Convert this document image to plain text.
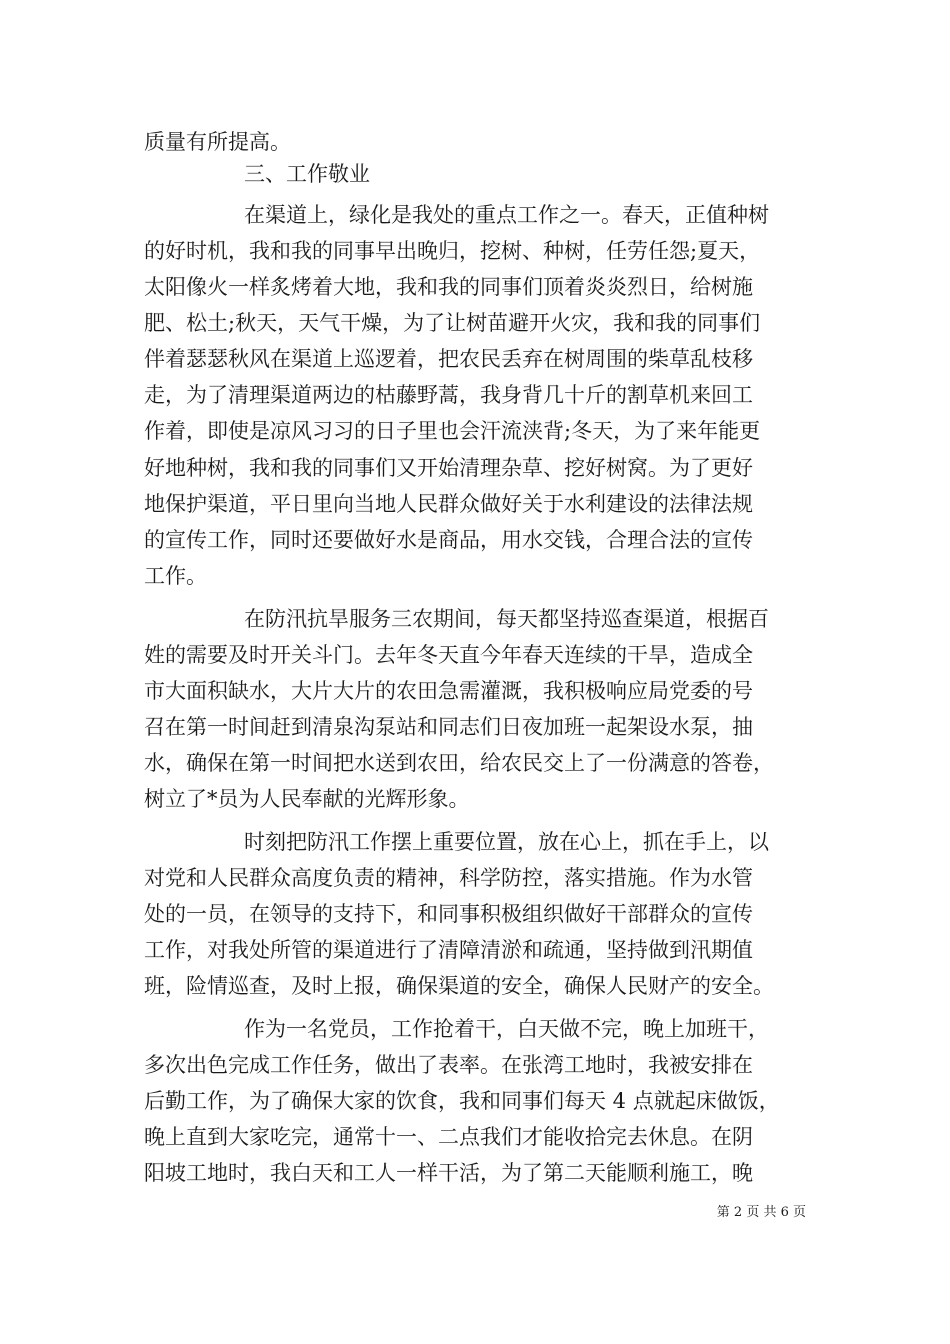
质量有所提高。
三、工作敬业
在渠道上，绿化是我处的重点工作之一。春天，正值种树
的好时机，我和我的同事早出晚归，挖树、种树，任劳任怨;夏天，
太阳像火一样炙烤着大地，我和我的同事们顶着炎炎烈日，给树施
肥、松土;秋天，天气干燥，为了让树苗避开火灾，我和我的同事们
伴着瑟瑟秋风在渠道上巡逻着，把农民丢弃在树周围的柴草乱枝移
走，为了清理渠道两边的枯藤野蒿，我身背几十斤的割草机来回工
作着，即使是凉风习习的日子里也会汗流浃背;冬天，为了来年能更
好地种树，我和我的同事们又开始清理杂草、挖好树窝。为了更好
地保护渠道，平日里向当地人民群众做好关于水利建设的法律法规
的宣传工作，同时还要做好水是商品，用水交钱，合理合法的宣传
工作。
在防汛抗旱服务三农期间，每天都坚持巡查渠道，根据百
姓的需要及时开关斗门。去年冬天直今年春天连续的干旱，造成全
市大面积缺水，大片大片的农田急需灌溉，我积极响应局党委的号
召在第一时间赶到清泉沟泵站和同志们日夜加班一起架设水泵，抽
水，确保在第一时间把水送到农田，给农民交上了一份满意的答卷，
树立了*员为人民奉献的光辉形象。
时刻把防汛工作摆上重要位置，放在心上，抓在手上，以
对党和人民群众高度负责的精神，科学防控，落实措施。作为水管
处的一员，在领导的支持下，和同事积极组织做好干部群众的宣传
工作，对我处所管的渠道进行了清障清淤和疏通，坚持做到汛期值
班，险情巡查，及时上报，确保渠道的安全，确保人民财产的安全。
作为一名党员，工作抢着干，白天做不完，晚上加班干，
多次出色完成工作任务，做出了表率。在张湾工地时，我被安排在
后勤工作，为了确保大家的饮食，我和同事们每天 4 点就起床做饭，
晚上直到大家吃完，通常十一、二点我们才能收拾完去休息。在阴
阳坡工地时，我白天和工人一样干活，为了第二天能顺利施工，晚
第 2 页 共 6 页
